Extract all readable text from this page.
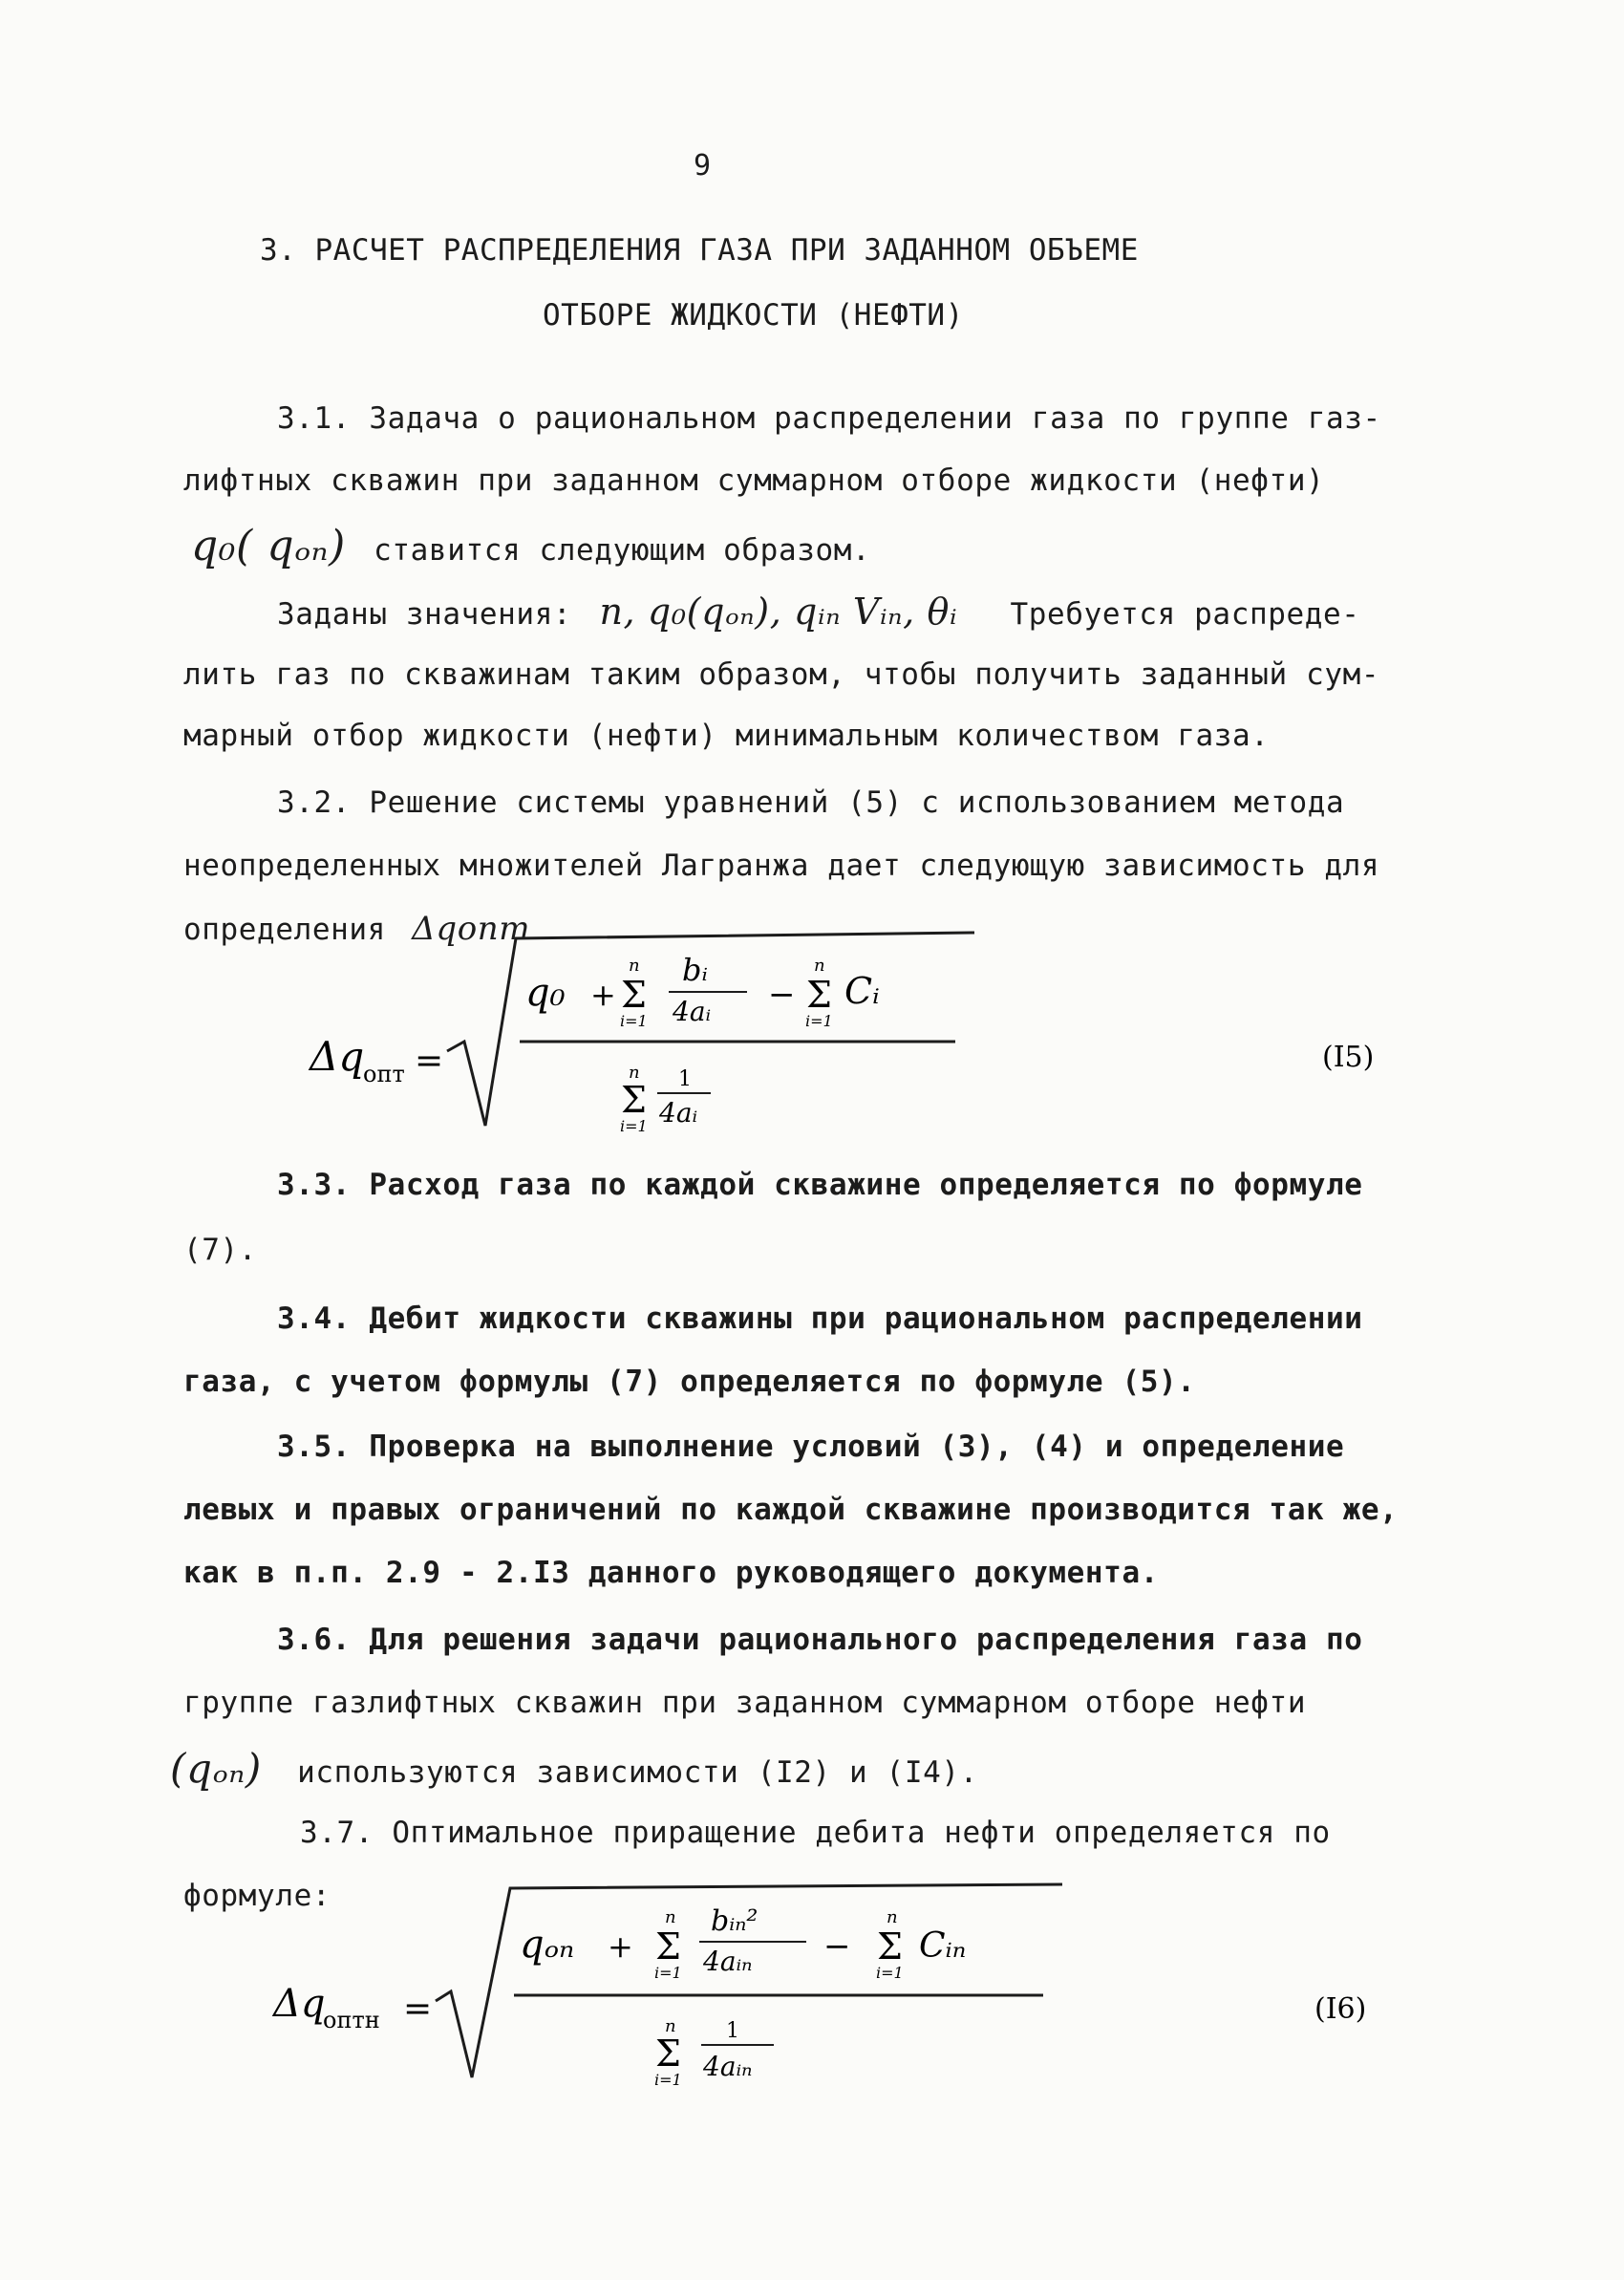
9
3. РАСЧЕТ РАСПРЕДЕЛЕНИЯ ГАЗА ПРИ ЗАДАННОМ ОБЪЕМЕ
ОТБОРЕ ЖИДКОСТИ (НЕФТИ)
3.1. Задача о рациональном распределении газа по группе газ-
лифтных скважин при заданном суммарном отборе жидкости (нефти)
q₀( qₒₙ) ставится следующим образом.
Заданы значения: n, q₀(qₒₙ), qᵢₙ Vᵢₙ, θᵢ Требуется распреде-
лить газ по скважинам таким образом, чтобы получить заданный сум-
марный отбор жидкости (нефти) минимальным количеством газа.
3.2. Решение системы уравнений (5) с использованием метода
неопределенных множителей Лагранжа дает следующую зависимость для
определения Δqопт
Δq
опт =
q₀ +
n
Σ
i=1
bᵢ
4aᵢ −
n
Σ
i=1
Cᵢ
n
Σ
i=1
1
4aᵢ
(I5)
3.3. Расход газа по каждой скважине определяется по формуле
(7).
3.4. Дебит жидкости скважины при рациональном распределении
газа, с учетом формулы (7) определяется по формуле (5).
3.5. Проверка на выполнение условий (3), (4) и определение
левых и правых ограничений по каждой скважине производится так же,
как в п.п. 2.9 - 2.I3 данного руководящего документа.
3.6. Для решения задачи рационального распределения газа по
группе газлифтных скважин при заданном суммарном отборе нефти
(qₒₙ) используются зависимости (I2) и (I4).
3.7. Оптимальное приращение дебита нефти определяется по
формуле:
Δq
оптн =
qₒₙ +
n
Σ
i=1
bᵢₙ²
4aᵢₙ −
n
Σ
i=1
Cᵢₙ
n
Σ
i=1
1
4aᵢₙ
(I6)
